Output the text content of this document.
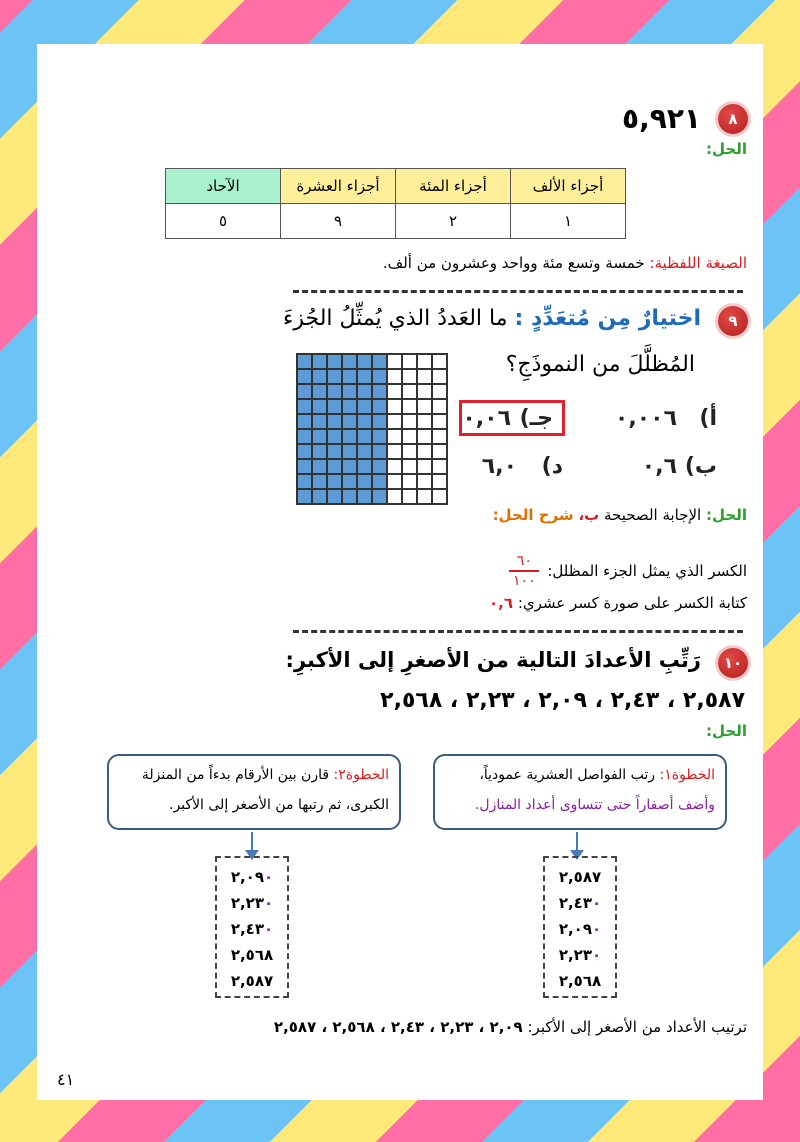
٨
٥,٩٢١
الحل:
أجزاء الألف	أجزاء المئة	أجزاء العشرة	الآحاد
١	٢	٩	٥
الصيغة اللفظية: خمسة وتسع مئة وواحد وعشرون من ألف.
٩
اختيارٌ مِن مُتعَدِّدٍ : ما العَددُ الذي يُمثِّلُ الجُزءَ
المُظلَّلَ من النموذَجِ؟
أ)
٠,٠٠٦
جـ)
٠,٠٦
ب)
٠,٦
د)
٦,٠
الحل: الإجابة الصحيحة ب، شرح الحل:
الكسر الذي يمثل الجزء المظلل:
٦٠
١٠٠
كتابة الكسر على صورة كسر عشري: ٠,٦
١٠
رَتِّبِ الأعدادَ التالية من الأصغرِ إلى الأكبرِ:
٢,٥٨٧ ، ٢,٤٣ ، ٢,٠٩ ، ٢,٢٣ ، ٢,٥٦٨
الحل:
الخطوة١: رتب الفواصل العشرية عمودياً،
وأضف أصفاراً حتى تتساوى أعداد المنازل.
الخطوة٢: قارن بين الأرقام بدءاً من المنزلة
الكبرى، ثم رتبها من الأصغر إلى الأكبر.
٢,٥٨٧
٢,٤٣٠
٢,٠٩٠
٢,٢٣٠
٢,٥٦٨
٢,٠٩٠
٢,٢٣٠
٢,٤٣٠
٢,٥٦٨
٢,٥٨٧
ترتيب الأعداد من الأصغر إلى الأكبر: ٢,٠٩ ، ٢,٢٣ ، ٢,٤٣ ، ٢,٥٦٨ ، ٢,٥٨٧
٤١
